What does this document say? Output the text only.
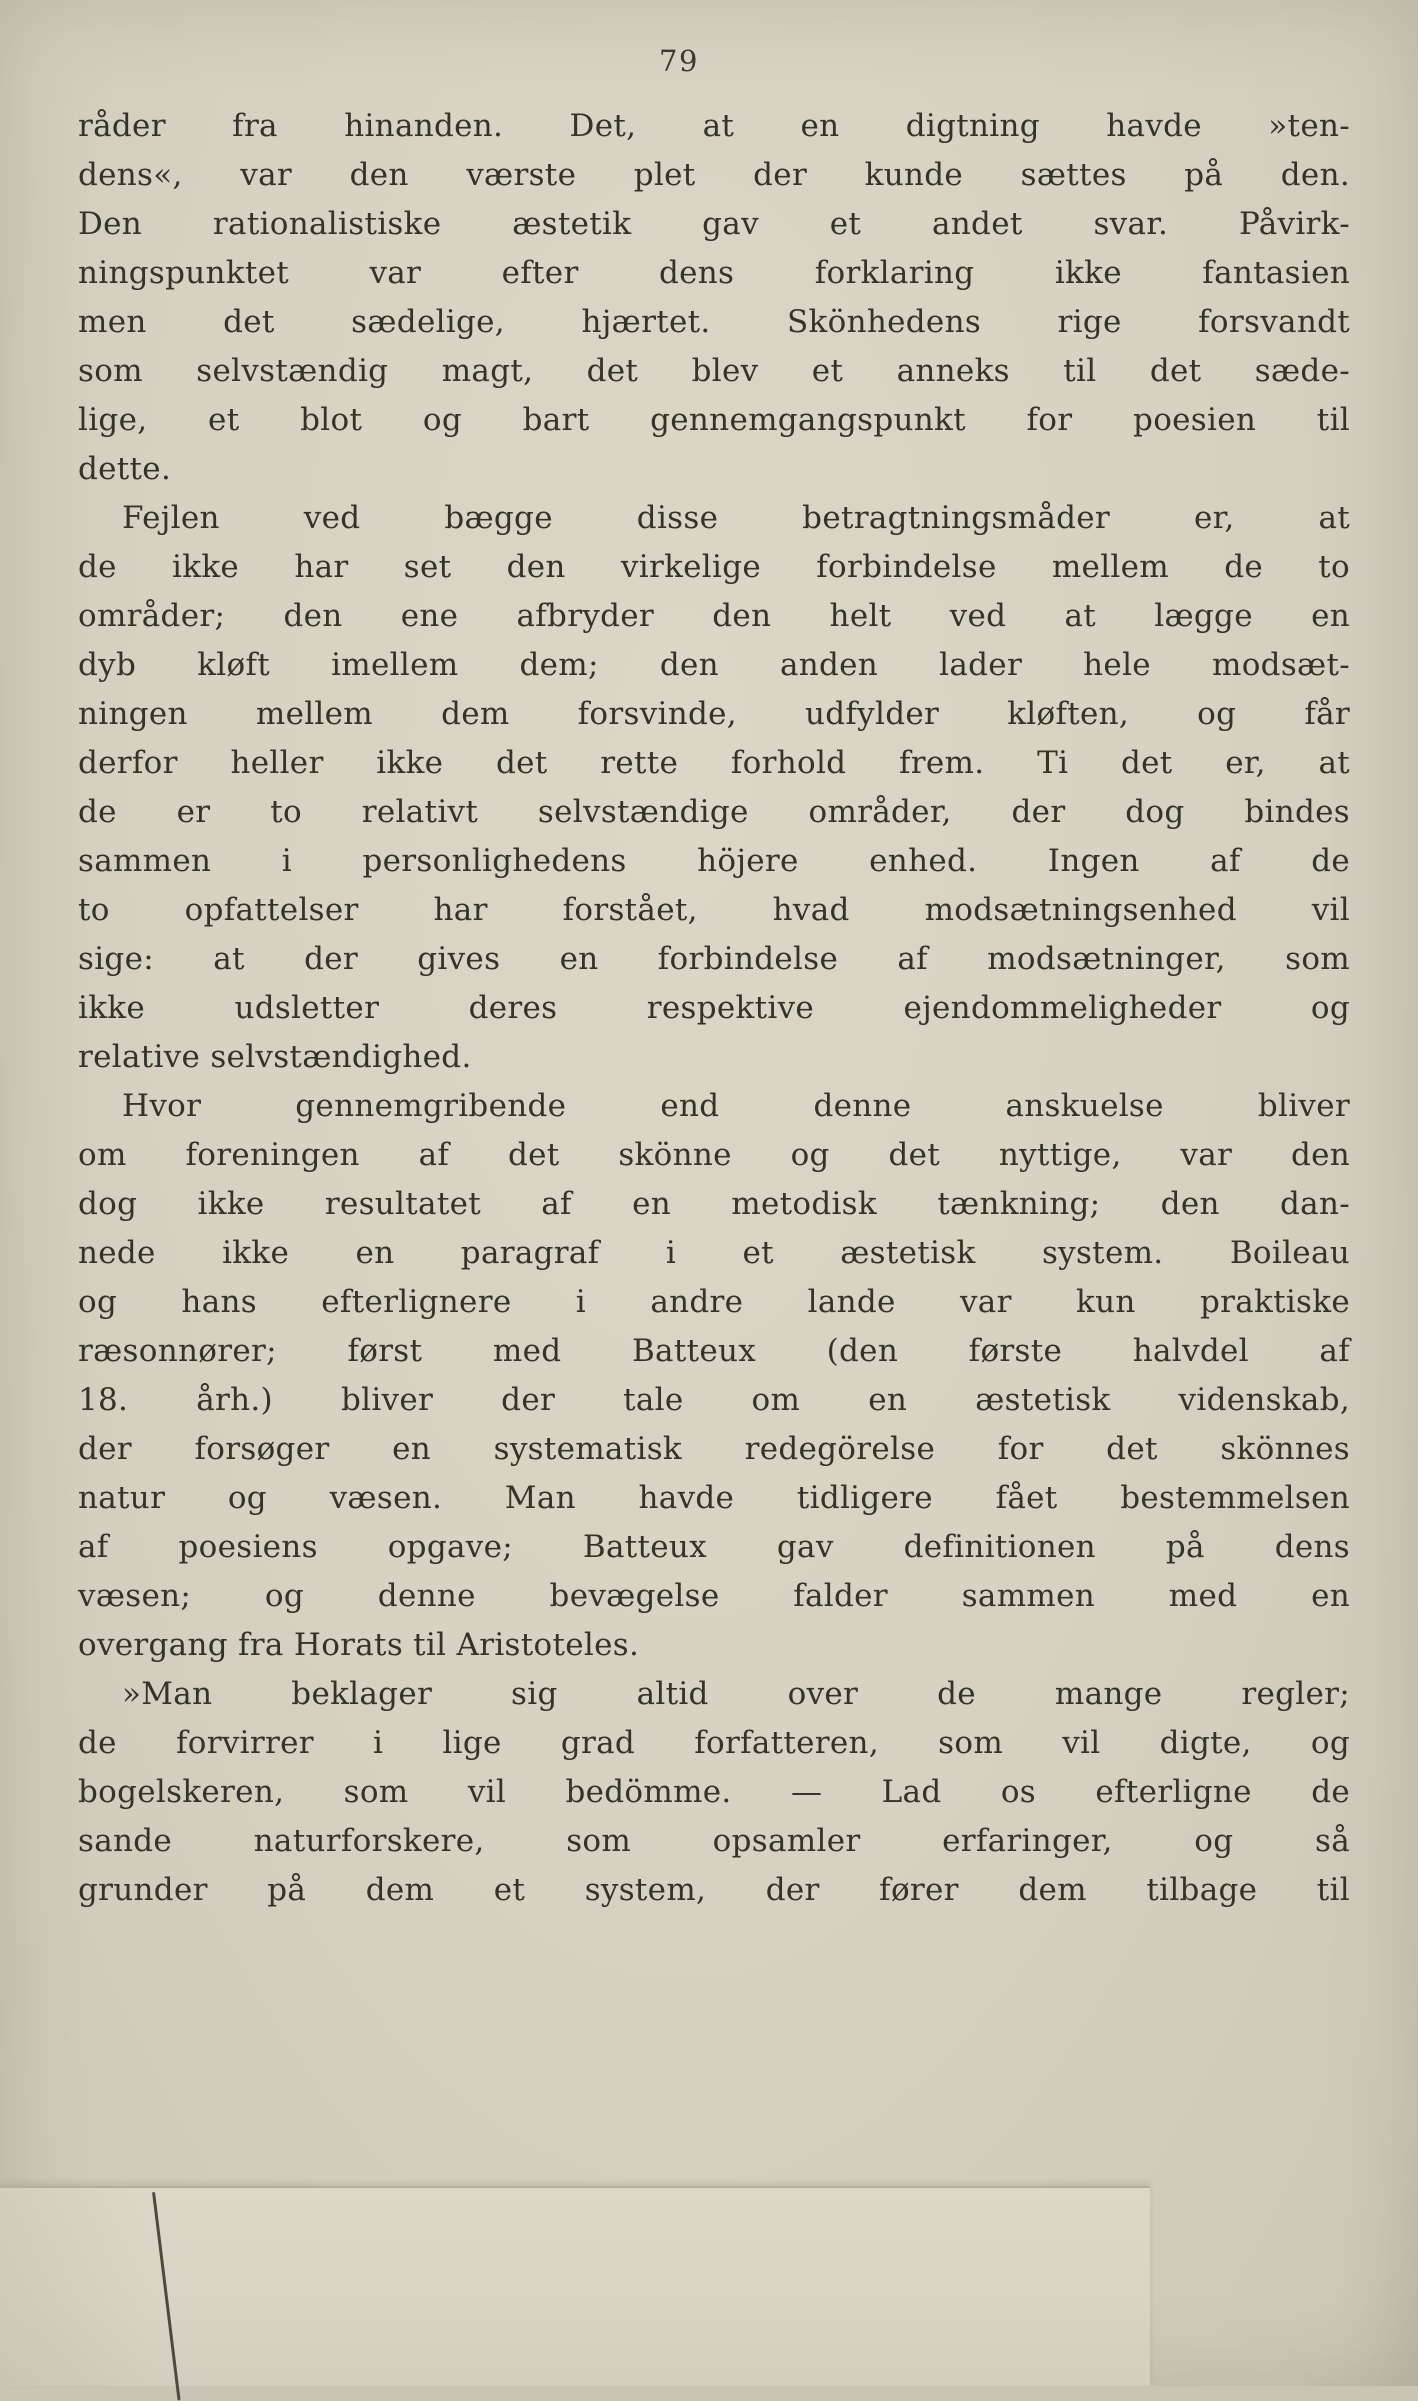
79
råder fra hinanden. Det, at en digtning havde »ten-
dens«, var den værste plet der kunde sættes på den.
Den rationalistiske æstetik gav et andet svar. Påvirk-
ningspunktet var efter dens forklaring ikke fantasien
men det sædelige, hjærtet. Skönhedens rige forsvandt
som selvstændig magt, det blev et anneks til det sæde-
lige, et blot og bart gennemgangspunkt for poesien til
dette.
Fejlen ved bægge disse betragtningsmåder er, at
de ikke har set den virkelige forbindelse mellem de to
områder; den ene afbryder den helt ved at lægge en
dyb kløft imellem dem; den anden lader hele modsæt-
ningen mellem dem forsvinde, udfylder kløften, og får
derfor heller ikke det rette forhold frem. Ti det er, at
de er to relativt selvstændige områder, der dog bindes
sammen i personlighedens höjere enhed. Ingen af de
to opfattelser har forstået, hvad modsætningsenhed vil
sige: at der gives en forbindelse af modsætninger, som
ikke udsletter deres respektive ejendommeligheder og
relative selvstændighed.
Hvor gennemgribende end denne anskuelse bliver
om foreningen af det skönne og det nyttige, var den
dog ikke resultatet af en metodisk tænkning; den dan-
nede ikke en paragraf i et æstetisk system. Boileau
og hans efterlignere i andre lande var kun praktiske
ræsonnører; først med Batteux (den første halvdel af
18. årh.) bliver der tale om en æstetisk videnskab,
der forsøger en systematisk redegörelse for det skönnes
natur og væsen. Man havde tidligere fået bestemmelsen
af poesiens opgave; Batteux gav definitionen på dens
væsen; og denne bevægelse falder sammen med en
overgang fra Horats til Aristoteles.
»Man beklager sig altid over de mange regler;
de forvirrer i lige grad forfatteren, som vil digte, og
bogelskeren, som vil bedömme. — Lad os efterligne de
sande naturforskere, som opsamler erfaringer, og så
grunder på dem et system, der fører dem tilbage til
